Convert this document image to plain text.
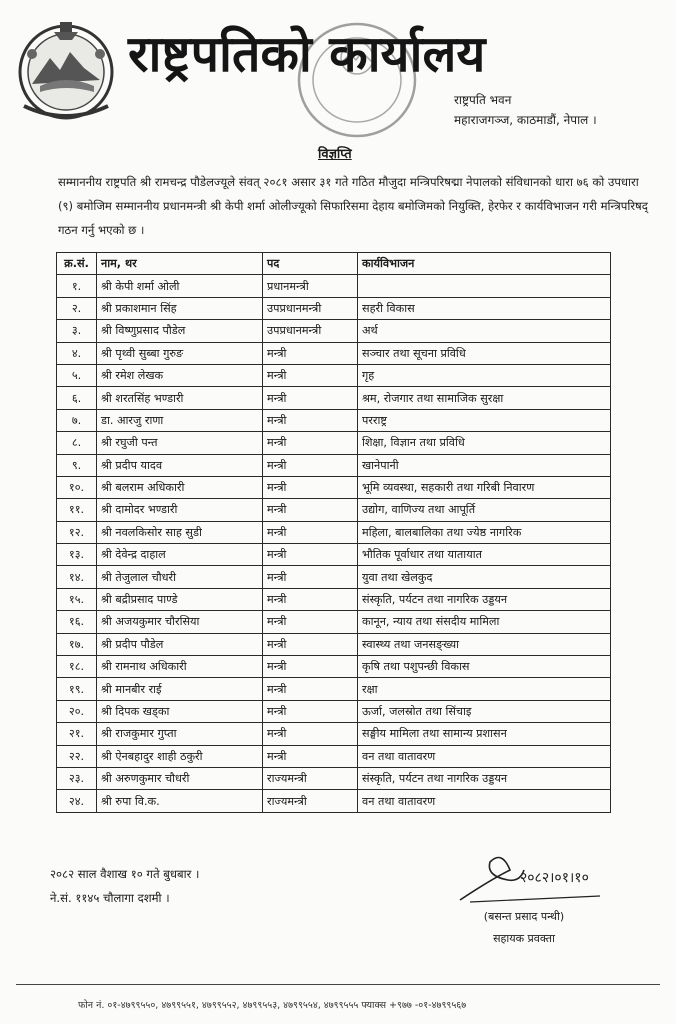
राष्ट्रपतिको कार्यालय
राष्ट्रपति भवन
महाराजगञ्ज, काठमाडौं, नेपाल ।
विज्ञप्ति
सम्माननीय राष्ट्रपति श्री रामचन्द्र पौडेलज्यूले संवत् २०८१ असार ३१ गते गठित मौजुदा मन्त्रिपरिषद्मा नेपालको संविधानको धारा ७६ को उपधारा (९) बमोजिम सम्माननीय प्रधानमन्त्री श्री केपी शर्मा ओलीज्यूको सिफारिसमा देहाय बमोजिमको नियुक्ति, हेरफेर र कार्यविभाजन गरी मन्त्रिपरिषद् गठन गर्नु भएको छ ।
क्र.सं.	नाम, थर	पद	कार्यविभाजन
१.	श्री केपी शर्मा ओली	प्रधानमन्त्री	
२.	श्री प्रकाशमान सिंह	उपप्रधानमन्त्री	सहरी विकास
३.	श्री विष्णुप्रसाद पौडेल	उपप्रधानमन्त्री	अर्थ
४.	श्री पृथ्वी सुब्बा गुरुङ	मन्त्री	सञ्चार तथा सूचना प्रविधि
५.	श्री रमेश लेखक	मन्त्री	गृह
६.	श्री शरतसिंह भण्डारी	मन्त्री	श्रम, रोजगार तथा सामाजिक सुरक्षा
७.	डा. आरजु राणा	मन्त्री	परराष्ट्र
८.	श्री रघुजी पन्त	मन्त्री	शिक्षा, विज्ञान तथा प्रविधि
९.	श्री प्रदीप यादव	मन्त्री	खानेपानी
१०.	श्री बलराम अधिकारी	मन्त्री	भूमि व्यवस्था, सहकारी तथा गरिबी निवारण
११.	श्री दामोदर भण्डारी	मन्त्री	उद्योग, वाणिज्य तथा आपूर्ति
१२.	श्री नवलकिसोर साह सुडी	मन्त्री	महिला, बालबालिका तथा ज्येष्ठ नागरिक
१३.	श्री देवेन्द्र दाहाल	मन्त्री	भौतिक पूर्वाधार तथा यातायात
१४.	श्री तेजुलाल चौधरी	मन्त्री	युवा तथा खेलकुद
१५.	श्री बद्रीप्रसाद पाण्डे	मन्त्री	संस्कृति, पर्यटन तथा नागरिक उड्डयन
१६.	श्री अजयकुमार चौरसिया	मन्त्री	कानून, न्याय तथा संसदीय मामिला
१७.	श्री प्रदीप पौडेल	मन्त्री	स्वास्थ्य तथा जनसङ्ख्या
१८.	श्री रामनाथ अधिकारी	मन्त्री	कृषि तथा पशुपन्छी विकास
१९.	श्री मानबीर राई	मन्त्री	रक्षा
२०.	श्री दिपक खड्का	मन्त्री	ऊर्जा, जलस्रोत तथा सिंचाइ
२१.	श्री राजकुमार गुप्ता	मन्त्री	सङ्घीय मामिला तथा सामान्य प्रशासन
२२.	श्री ऐनबहादुर शाही ठकुरी	मन्त्री	वन तथा वातावरण
२३.	श्री अरुणकुमार चौधरी	राज्यमन्त्री	संस्कृति, पर्यटन तथा नागरिक उड्डयन
२४.	श्री रुपा वि.क.	राज्यमन्त्री	वन तथा वातावरण
२०८२ साल वैशाख १० गते बुधबार ।
ने.सं. ११४५ चौलागा दशमी ।
२०८२।०१।१०
(बसन्त प्रसाद पन्थी)
सहायक प्रवक्ता
फोन नं. ०१-४७९९५५०, ४७९९५५१, ४७९९५५२, ४७९९५५३, ४७९९५५४, ४७९९५५५ फ्याक्स +९७७ -०१-४७९९५६७
